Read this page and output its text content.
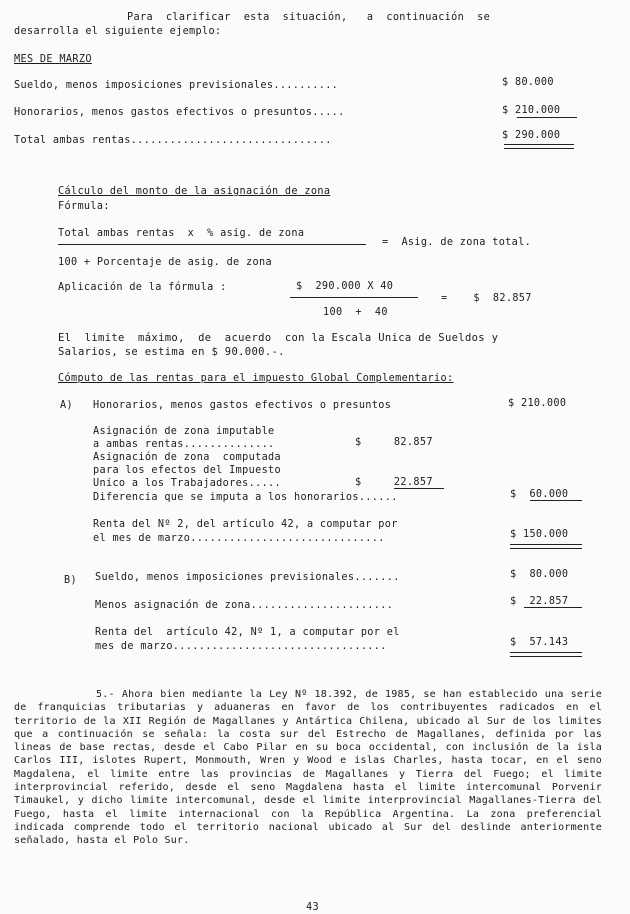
Para  clarificar  esta  situación,   a  continuación  se
desarrolla el siguiente ejemplo:
MES DE MARZO
Sueldo, menos imposiciones previsionales..........	$ 80.000
Honorarios, menos gastos efectivos o presuntos.....	$ 210.000
Total ambas rentas...............................	$ 290.000
Cálculo del monto de la asignación de zona
Fórmula:
Total ambas rentas  x  % asig. de zona
=  Asig. de zona total.
100 + Porcentaje de asig. de zona
Aplicación de la fórmula :	$  290.000 X 40
=    $  82.857
100  +  40
El  limite  máximo,  de  acuerdo  con la Escala Unica de Sueldos y
Salarios, se estima en $ 90.000.-.
Cómputo de las rentas para el impuesto Global Complementario:
A) Honorarios, menos gastos efectivos o presuntos	$ 210.000
Asignación de zona imputable
a ambas rentas..............	$     82.857
Asignación de zona  computada
para los efectos del Impuesto
Unico a los Trabajadores.....	$     22.857
Diferencia que se imputa a los honorarios......	$  60.000
Renta del Nº 2, del artículo 42, a computar por
el mes de marzo..............................	$ 150.000
B) Sueldo, menos imposiciones previsionales.......	$  80.000
Menos asignación de zona......................	$  22.857
Renta del  artículo 42, Nº 1, a computar por el
mes de marzo.................................	$  57.143
5.- Ahora bien mediante la Ley Nº 18.392, de 1985, se han establecido una serie de franquicias tributarias y aduaneras en favor de los contribuyentes radicados en el territorio de la XII Región de Magallanes y Antártica Chilena, ubicado al Sur de los limites que a continuación se señala: la costa sur del Estrecho de Magallanes, definida por las lineas de base rectas, desde el Cabo Pilar en su boca occidental, con inclusión de la isla Carlos III, islotes Rupert, Monmouth, Wren y Wood e islas Charles, hasta tocar, en el seno Magdalena, el limite entre las provincias de Magallanes y Tierra del Fuego; el limite interprovincial referido, desde el seno Magdalena hasta el limite intercomunal Porvenir Timaukel, y dicho limite intercomunal, desde el limite interprovincial Magallanes-Tierra del Fuego, hasta el limite internacional con la República Argentina. La zona preferencial indicada comprende todo el territorio nacional ubicado al Sur del deslinde anteriormente señalado, hasta el Polo Sur.
43
